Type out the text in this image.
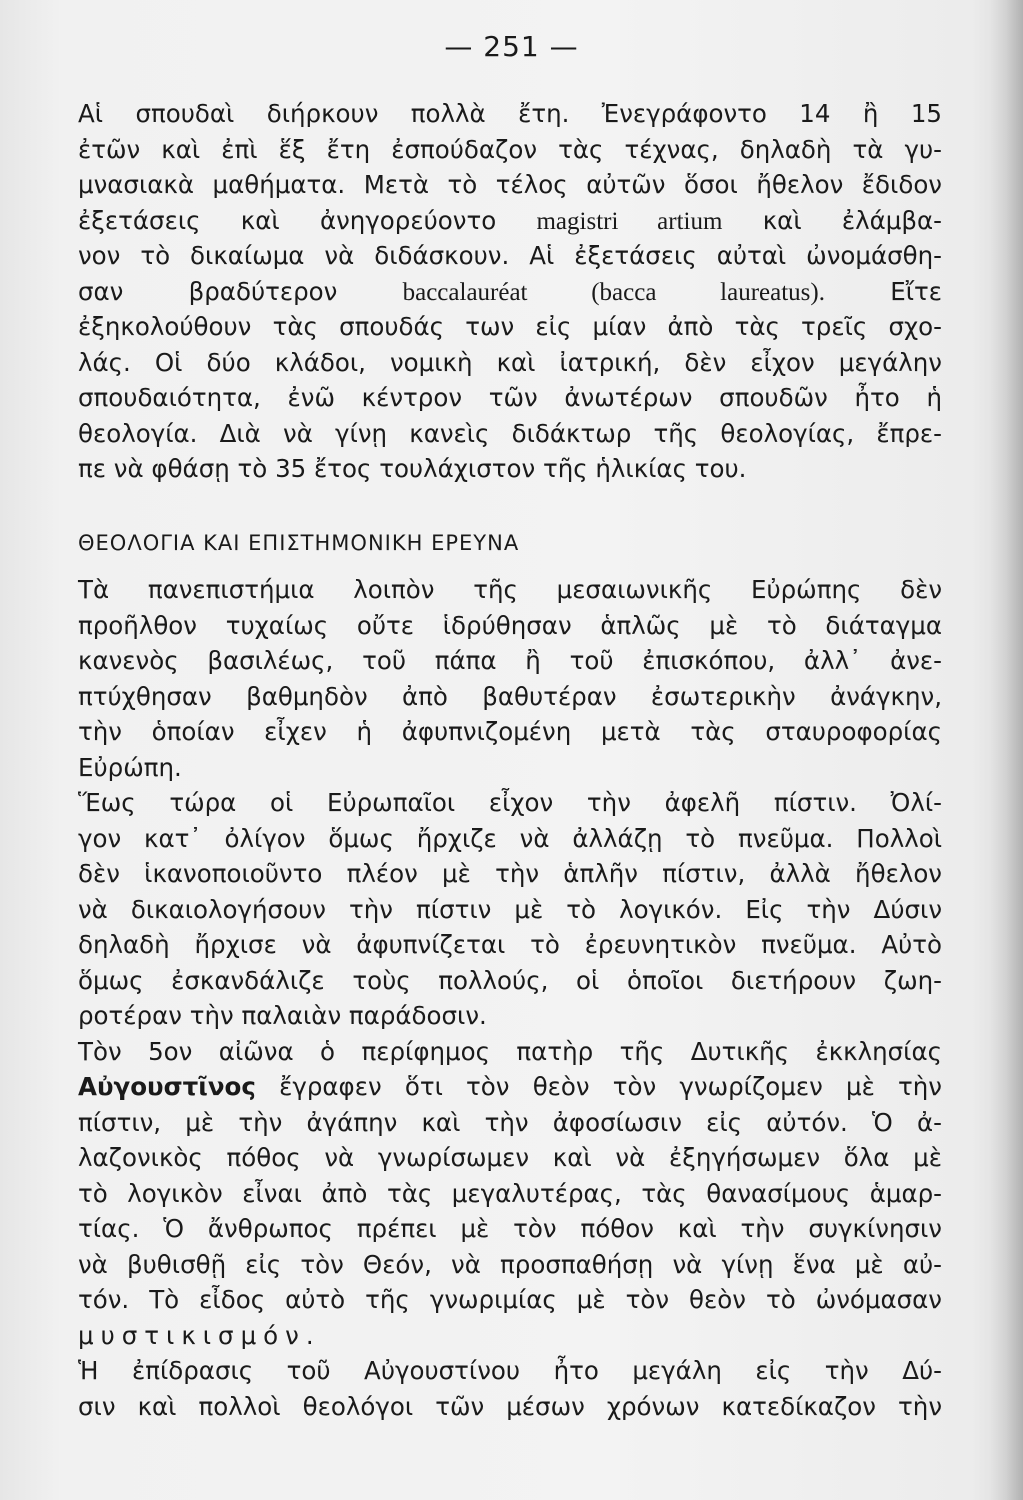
— 251 —
Αἱ σπουδαὶ διήρκουν πολλὰ ἔτη. Ἐνεγράφοντο 14 ἢ 15
ἐτῶν καὶ ἐπὶ ἕξ ἔτη ἐσπούδαζον τὰς τέχνας, δηλαδὴ τὰ γυ-
μνασιακὰ μαθήματα. Μετὰ τὸ τέλος αὐτῶν ὅσοι ἤθελον ἔδιδον
ἐξετάσεις καὶ ἀνηγορεύοντο magistri artium καὶ ἐλάμβα-
νον τὸ δικαίωμα νὰ διδάσκουν. Αἱ ἐξετάσεις αὐταὶ ὠνομάσθη-
σαν βραδύτερον baccalauréat (bacca laureatus). Εἴτε
ἐξηκολούθουν τὰς σπουδάς των εἰς μίαν ἀπὸ τὰς τρεῖς σχο-
λάς. Οἱ δύο κλάδοι, νομικὴ καὶ ἰατρική, δὲν εἶχον μεγάλην
σπουδαιότητα, ἐνῶ κέντρον τῶν ἀνωτέρων σπουδῶν ἦτο ἡ
θεολογία. Διὰ νὰ γίνῃ κανεὶς διδάκτωρ τῆς θεολογίας, ἔπρε-
πε νὰ φθάσῃ τὸ 35 ἔτος τουλάχιστον τῆς ἡλικίας του.
ΘΕΟΛΟΓΙΑ ΚΑΙ ΕΠΙΣΤΗΜΟΝΙΚΗ ΕΡΕΥΝΑ
Τὰ πανεπιστήμια λοιπὸν τῆς μεσαιωνικῆς Εὐρώπης δὲν
προῆλθον τυχαίως οὔτε ἱδρύθησαν ἁπλῶς μὲ τὸ διάταγμα
κανενὸς βασιλέως, τοῦ πάπα ἢ τοῦ ἐπισκόπου, ἀλλ᾽ ἀνε-
πτύχθησαν βαθμηδὸν ἀπὸ βαθυτέραν ἐσωτερικὴν ἀνάγκην,
τὴν ὁποίαν εἶχεν ἡ ἀφυπνιζομένη μετὰ τὰς σταυροφορίας
Εὐρώπη.
Ἕως τώρα οἱ Εὐρωπαῖοι εἶχον τὴν ἀφελῆ πίστιν. Ὀλί-
γον κατ᾽ ὀλίγον ὅμως ἤρχιζε νὰ ἀλλάζῃ τὸ πνεῦμα. Πολλοὶ
δὲν ἱκανοποιοῦντο πλέον μὲ τὴν ἁπλῆν πίστιν, ἀλλὰ ἤθελον
νὰ δικαιολογήσουν τὴν πίστιν μὲ τὸ λογικόν. Εἰς τὴν Δύσιν
δηλαδὴ ἤρχισε νὰ ἀφυπνίζεται τὸ ἐρευνητικὸν πνεῦμα. Αὐτὸ
ὅμως ἐσκανδάλιζε τοὺς πολλούς, οἱ ὁποῖοι διετήρουν ζωη-
ροτέραν τὴν παλαιὰν παράδοσιν.
Τὸν 5ον αἰῶνα ὁ περίφημος πατὴρ τῆς Δυτικῆς ἐκκλησίας
Αὐγουστῖνος ἔγραφεν ὅτι τὸν θεὸν τὸν γνωρίζομεν μὲ τὴν
πίστιν, μὲ τὴν ἀγάπην καὶ τὴν ἀφοσίωσιν εἰς αὐτόν. Ὁ ἀ-
λαζονικὸς πόθος νὰ γνωρίσωμεν καὶ νὰ ἐξηγήσωμεν ὅλα μὲ
τὸ λογικὸν εἶναι ἀπὸ τὰς μεγαλυτέρας, τὰς θανασίμους ἁμαρ-
τίας. Ὁ ἄνθρωπος πρέπει μὲ τὸν πόθον καὶ τὴν συγκίνησιν
νὰ βυθισθῇ εἰς τὸν Θεόν, νὰ προσπαθήσῃ νὰ γίνῃ ἕνα μὲ αὐ-
τόν. Τὸ εἶδος αὐτὸ τῆς γνωριμίας μὲ τὸν θεὸν τὸ ὠνόμασαν
μυστικισμόν.
Ἡ ἐπίδρασις τοῦ Αὐγουστίνου ἦτο μεγάλη εἰς τὴν Δύ-
σιν καὶ πολλοὶ θεολόγοι τῶν μέσων χρόνων κατεδίκαζον τὴν
